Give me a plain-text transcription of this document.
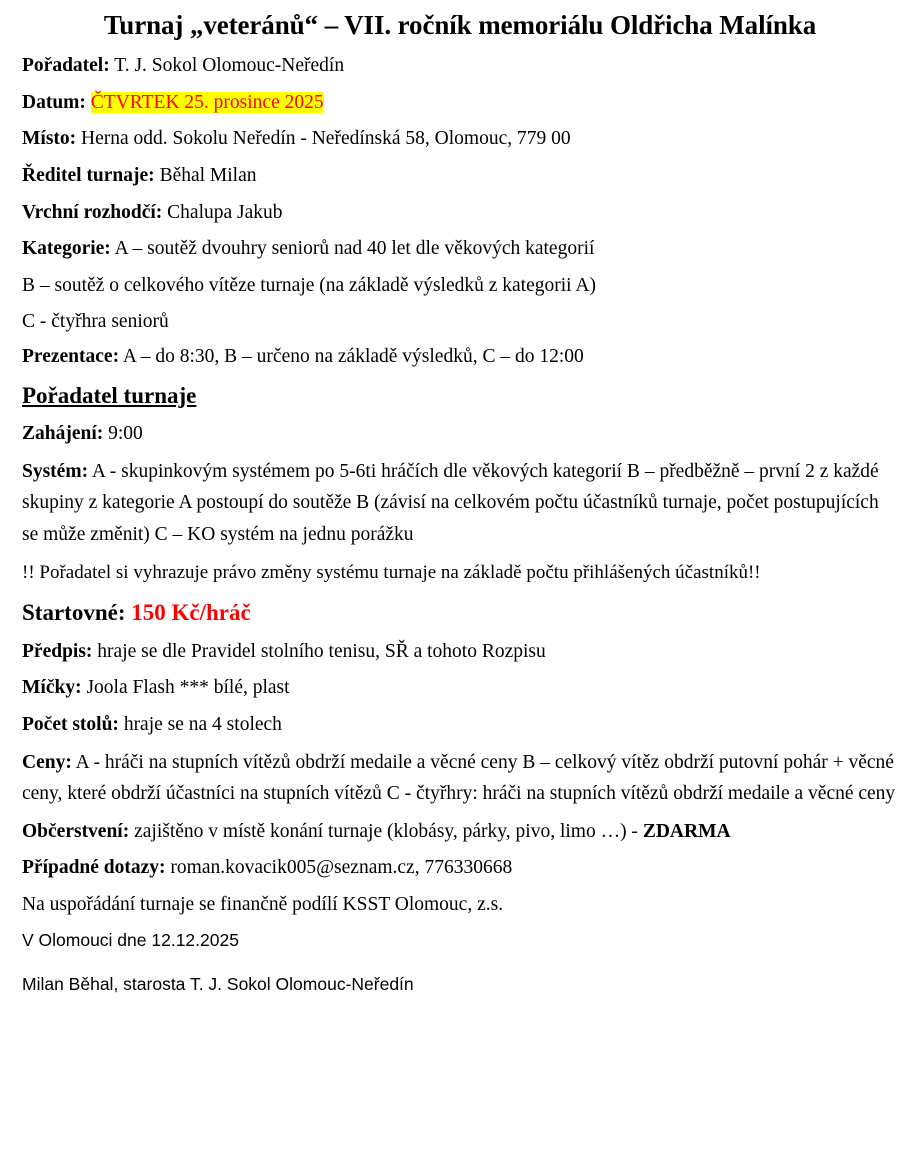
Turnaj „veteránů“ – VII. ročník memoriálu Oldřicha Malínka

Pořadatel: T. J. Sokol Olomouc-Neředín

Datum: ČTVRTEK 25. prosince 2025

Místo: Herna odd. Sokolu Neředín - Neředínská 58, Olomouc, 779 00

Ředitel turnaje: Běhal Milan

Vrchní rozhodčí: Chalupa Jakub

Kategorie: A – soutěž dvouhry seniorů nad 40 let dle věkových kategorií

B – soutěž o celkového vítěze turnaje (na základě výsledků z kategorii A)

C - čtyřhra seniorů

Prezentace: A – do 8:30, B – určeno na základě výsledků, C – do 12:00

Pořadatel turnaje

Zahájení: 9:00

Systém: A - skupinkovým systémem po 5-6ti hráčích dle věkových kategorií B – předběžně – první 2 z každé skupiny z kategorie A postoupí do soutěže B (závisí na celkovém počtu účastníků turnaje, počet postupujících se může změnit) C – KO systém na jednu porážku

!! Pořadatel si vyhrazuje právo změny systému turnaje na základě počtu přihlášených účastníků!!

Startovné: 150 Kč/hráč

Předpis: hraje se dle Pravidel stolního tenisu, SŘ a tohoto Rozpisu

Míčky: Joola Flash *** bílé, plast

Počet stolů: hraje se na 4 stolech

Ceny: A - hráči na stupních vítězů obdrží medaile a věcné ceny B – celkový vítěz obdrží putovní pohár + věcné ceny, které obdrží účastníci na stupních vítězů C - čtyřhry: hráči na stupních vítězů obdrží medaile a věcné ceny

Občerstvení: zajištěno v místě konání turnaje (klobásy, párky, pivo, limo …) - ZDARMA

Případné dotazy: roman.kovacik005@seznam.cz, 776330668

Na uspořádání turnaje se finančně podílí KSST Olomouc, z.s.

V Olomouci dne 12.12.2025

Milan Běhal, starosta T. J. Sokol Olomouc-Neředín
